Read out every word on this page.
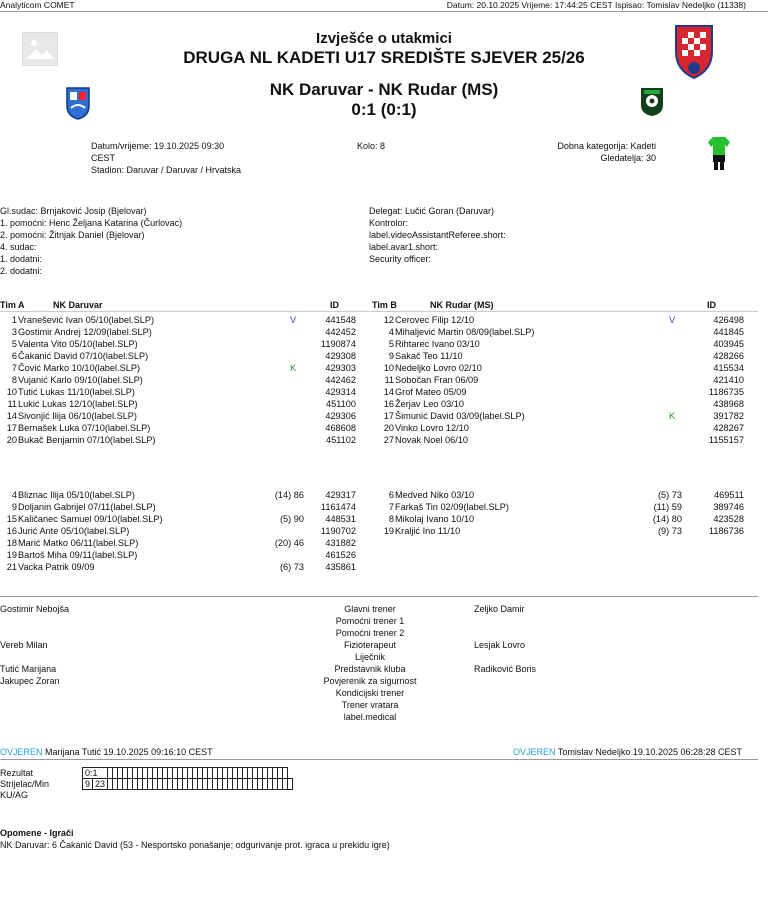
Analyticom COMET	Datum: 20.10.2025 Vrijeme: 17:44:25 CEST Ispisao: Tomislav Nedeljko (11338)
Izvješće o utakmici
DRUGA NL KADETI U17 SREDIŠTE SJEVER 25/26
NK Daruvar - NK Rudar (MS)
0:1 (0:1)
Datum/vrijeme: 19.10.2025 09:30
CEST
Stadion: Daruvar / Daruvar / Hrvatska
Kolo: 8	Dobna kategorija: Kadeti
Gledatelja: 30
Gl.sudac: Brnjaković Josip (Bjelovar)
1. pomoćni: Henc Željana Katarina (Čurlovac)
2. pomoćni: Žitnjak Daniel (Bjelovar)
4. sudac:
1. dodatni:
2. dodatni:
Delegat: Lučić Goran (Daruvar)
Kontrolor:
label.videoAssistantReferee.short:
label.avar1.short:
Security officer:
Tim A	NK Daruvar	ID	Tim B	NK Rudar (MS)	ID
1 Vranešević Ivan 05/10(label.SLP)	V	441548
3 Gostimir Andrej 12/09(label.SLP)	442452
5 Valenta Vito 05/10(label.SLP)	1190874
6 Čakanić David 07/10(label.SLP)	429308
7 Čović Marko 10/10(label.SLP)	K	429303
8 Vujanić Karlo 09/10(label.SLP)	442462
10 Tutić Lukas 11/10(label.SLP)	429314
11 Lukić Lukas 12/10(label.SLP)	451100
14 Sivonjić Ilija 06/10(label.SLP)	429306
17 Bernašek Luka 07/10(label.SLP)	468608
20 Bukač Benjamin 07/10(label.SLP)	451102
4 Bliznac Ilija 05/10(label.SLP)	(14) 86	429317
9 Doljanin Gabrijel 07/11(label.SLP)	1161474
15 Kaličanec Samuel 09/10(label.SLP)	(5) 90	448531
16 Jurić Ante 05/10(label.SLP)	1190702
18 Marić Matko 06/11(label.SLP)	(20) 46	431882
19 Bartoš Miha 09/11(label.SLP)	461526
21 Vacka Patrik 09/09	(6) 73	435861
12 Cerovec Filip 12/10	V	426498
4 Mihaljević Martin 08/09(label.SLP)	441845
5 Rihtarec Ivano 03/10	403945
9 Sakač Teo 11/10	428266
10 Nedeljko Lovro 02/10	415534
11 Sobočan Fran 06/09	421410
14 Grof Mateo 05/09	1186735
16 Žerjav Leo 03/10	438968
17 Šimunić David 03/09(label.SLP)	K	391782
20 Vinko Lovro 12/10	428267
27 Novak Noel 06/10	1155157
6 Medved Niko 03/10	(5) 73	469511
7 Farkaš Tin 02/09(label.SLP)	(11) 59	389746
8 Mikolaj Ivano 10/10	(14) 80	423528
19 Kraljić Ino 11/10	(9) 73	1186736
Gostimir Nebojša	Glavni trener	Zeljko Damir
Pomoćni trener 1
Pomoćni trener 2
Vereb Milan	Fizioterapeut	Lesjak Lovro
Liječnik
Tutić Marijana	Predstavnik kluba	Radiković Boris
Jakupec Zoran	Povjerenik za sigurnost
Kondicijski trener
Trener vratara
label.medical
OVJEREN Marijana Tutić 19.10.2025 09:16:10 CEST	OVJEREN Tomislav Nedeljko 19.10.2025 06:28:28 CEST
Rezultat	0:1																																						
Strijelac/Min	9	23																																					
KU/AG																																							
Opomene - Igrači
NK Daruvar: 6 Čakanić David (53 - Nesportsko ponašanje; odgurivanje prot. igraca u prekidu igre)
